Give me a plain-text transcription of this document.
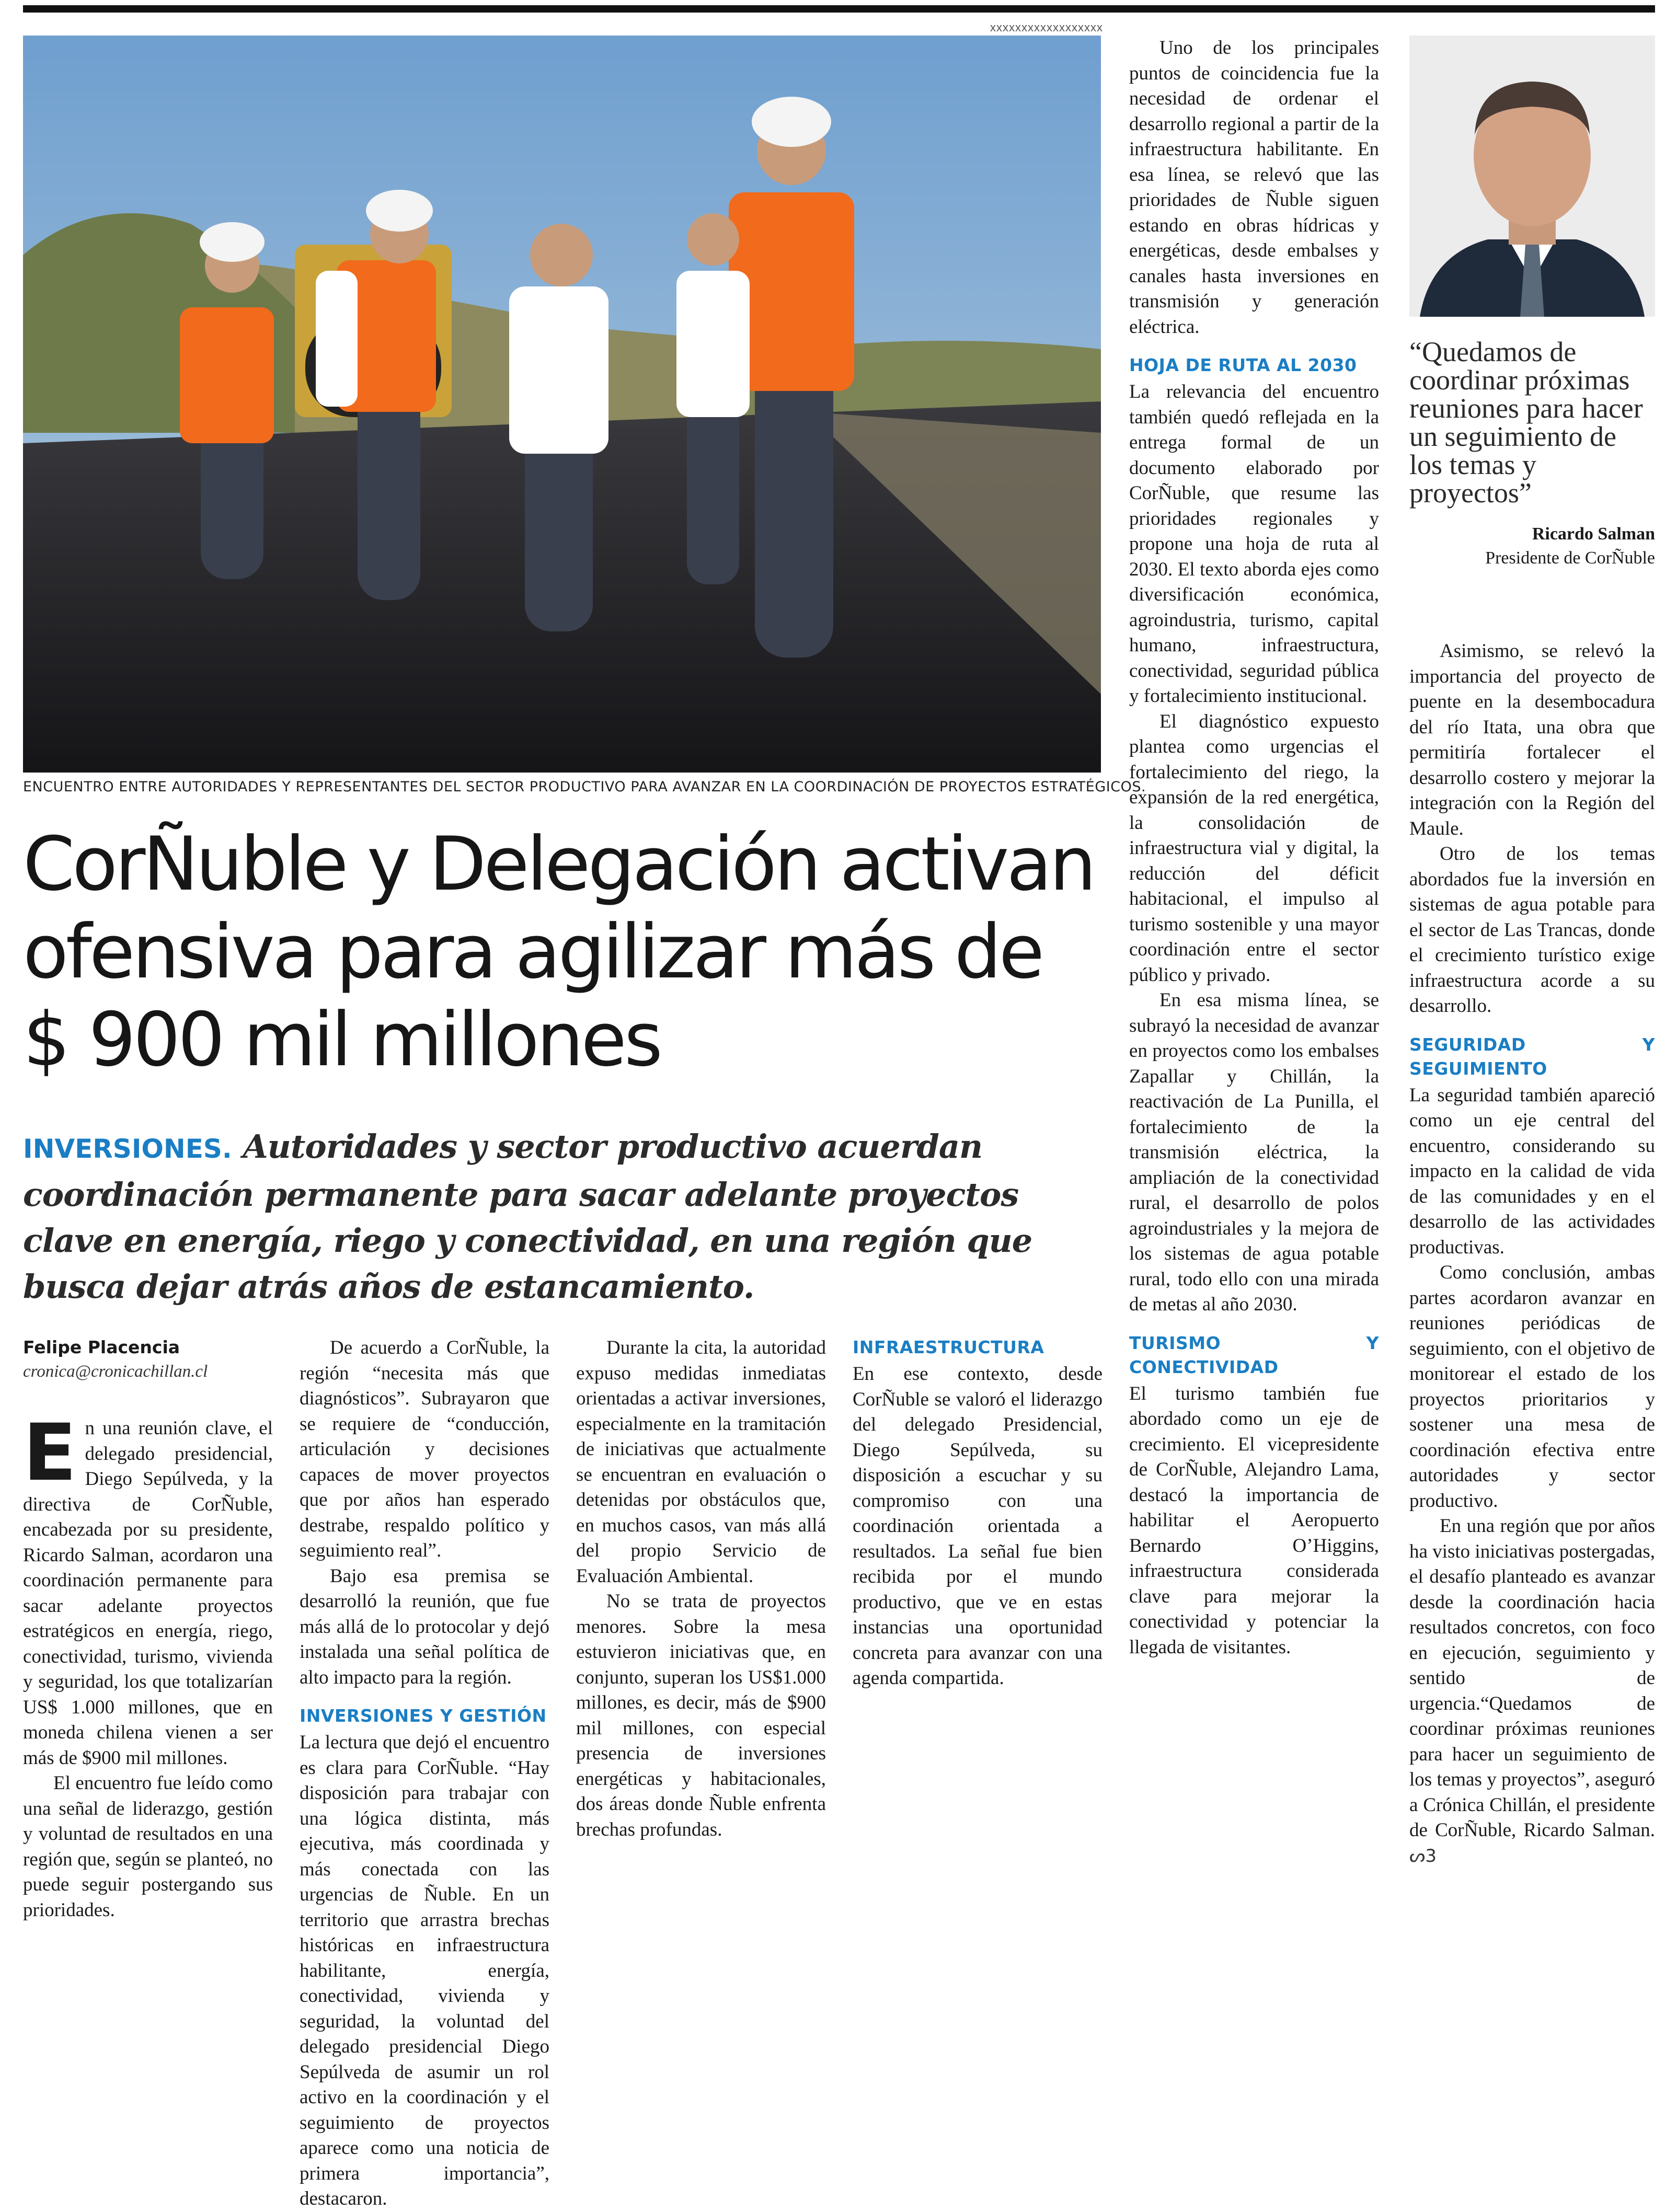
xxxxxxxxxxxxxxxxxx
ENCUENTRO ENTRE AUTORIDADES Y REPRESENTANTES DEL SECTOR PRODUCTIVO PARA AVANZAR EN LA COORDINACIÓN DE PROYECTOS ESTRATÉGICOS.
CorÑuble y Delegación activan ofensiva para agilizar más de $ 900 mil millones
INVERSIONES. Autoridades y sector productivo acuerdan coordinación permanente para sacar adelante proyectos clave en energía, riego y conectividad, en una región que busca dejar atrás años de estancamiento.
Felipe Placencia
cronica@cronicachillan.cl

En una reunión clave, el delegado presidencial, Diego Sepúlveda, y la directiva de CorÑuble, encabezada por su presidente, Ricardo Salman, acordaron una coordinación permanente para sacar adelante proyectos estratégicos en energía, riego, conectividad, turismo, vivienda y seguridad, los que totalizarían US$ 1.000 millones, que en moneda chilena vienen a ser más de $900 mil millones.

El encuentro fue leído como una señal de liderazgo, gestión y voluntad de resultados en una región que, según se planteó, no puede seguir postergando sus prioridades.

De acuerdo a CorÑuble, la región “necesita más que diagnósticos”. Subrayaron que se requiere de “conducción, articulación y decisiones capaces de mover proyectos que por años han esperado destrabe, respaldo político y seguimiento real”.

Bajo esa premisa se desarrolló la reunión, que fue más allá de lo protocolar y dejó instalada una señal política de alto impacto para la región.

INVERSIONES Y GESTIÓN

La lectura que dejó el encuentro es clara para CorÑuble. “Hay disposición para trabajar con una lógica distinta, más ejecutiva, más coordinada y más conectada con las urgencias de Ñuble. En un territorio que arrastra brechas históricas en infraestructura habilitante, energía, conectividad, vivienda y seguridad, la voluntad del delegado presidencial Diego Sepúlveda de asumir un rol activo en la coordinación y el seguimiento de proyectos aparece como una noticia de primera importancia”, destacaron.

Durante la cita, la autoridad expuso medidas inmediatas orientadas a activar inversiones, especialmente en la tramitación de iniciativas que actualmente se encuentran en evaluación o detenidas por obstáculos que, en muchos casos, van más allá del propio Servicio de Evaluación Ambiental.

No se trata de proyectos menores. Sobre la mesa estuvieron iniciativas que, en conjunto, superan los US$1.000 millones, es decir, más de $900 mil millones, con especial presencia de inversiones energéticas y habitacionales, dos áreas donde Ñuble enfrenta brechas profundas.

INFRAESTRUCTURA

En ese contexto, desde CorÑuble se valoró el liderazgo del delegado Presidencial, Diego Sepúlveda, su disposición a escuchar y su compromiso con una coordinación orientada a resultados. La señal fue bien recibida por el mundo productivo, que ve en estas instancias una oportunidad concreta para avanzar con una agenda compartida.

Uno de los principales puntos de coincidencia fue la necesidad de ordenar el desarrollo regional a partir de la infraestructura habilitante. En esa línea, se relevó que las prioridades de Ñuble siguen estando en obras hídricas y energéticas, desde embalses y canales hasta inversiones en transmisión y generación eléctrica.

HOJA DE RUTA AL 2030

La relevancia del encuentro también quedó reflejada en la entrega formal de un documento elaborado por CorÑuble, que resume las prioridades regionales y propone una hoja de ruta al 2030. El texto aborda ejes como diversificación económica, agroindustria, turismo, capital humano, infraestructura, conectividad, seguridad pública y fortalecimiento institucional.

El diagnóstico expuesto plantea como urgencias el fortalecimiento del riego, la expansión de la red energética, la consolidación de infraestructura vial y digital, la reducción del déficit habitacional, el impulso al turismo sostenible y una mayor coordinación entre el sector público y privado.

En esa misma línea, se subrayó la necesidad de avanzar en proyectos como los embalses Zapallar y Chillán, la reactivación de La Punilla, el fortalecimiento de la transmisión eléctrica, la ampliación de la conectividad rural, el desarrollo de polos agroindustriales y la mejora de los sistemas de agua potable rural, todo ello con una mirada de metas al año 2030.

TURISMO Y CONECTIVIDAD

El turismo también fue abordado como un eje de crecimiento. El vicepresidente de CorÑuble, Alejandro Lama, destacó la importancia de habilitar el Aeropuerto Bernardo O’Higgins, infraestructura considerada clave para mejorar la conectividad y potenciar la llegada de visitantes.

Asimismo, se relevó la importancia del proyecto de puente en la desembocadura del río Itata, una obra que permitiría fortalecer el desarrollo costero y mejorar la integración con la Región del Maule.

Otro de los temas abordados fue la inversión en sistemas de agua potable para el sector de Las Trancas, donde el crecimiento turístico exige infraestructura acorde a su desarrollo.

SEGURIDAD Y SEGUIMIENTO

La seguridad también apareció como un eje central del encuentro, considerando su impacto en la calidad de vida de las comunidades y en el desarrollo de las actividades productivas.

Como conclusión, ambas partes acordaron avanzar en reuniones periódicas de seguimiento, con el objetivo de monitorear el estado de los proyectos prioritarios y sostener una mesa de coordinación efectiva entre autoridades y sector productivo.

En una región que por años ha visto iniciativas postergadas, el desafío planteado es avanzar desde la coordinación hacia resultados concretos, con foco en ejecución, seguimiento y sentido de urgencia.“Quedamos de coordinar próximas reuniones para hacer un seguimiento de los temas y proyectos”, aseguró a Crónica Chillán, el presidente de CorÑuble, Ricardo Salman. ᔕ3

“Quedamos de coordinar próximas reuniones para hacer un seguimiento de los temas y proyectos”

Ricardo Salman
Presidente de CorÑuble
